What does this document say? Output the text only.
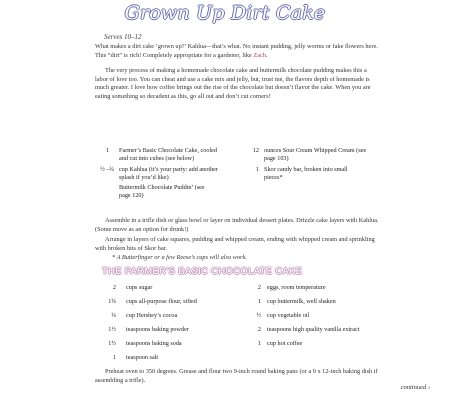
Grown Up Dirt Cake
Serves 10–12
What makes a dirt cake ‘grown up?’ Kahlua—that’s what. No instant pudding, jelly worms or fake flowers here. This “dirt” is rich! Completely appropriate for a gardener, like Zach.
The very process of making a homemade chocolate cake and buttermilk chocolate pudding makes this a labor of love too. You can cheat and use a cake mix and jelly, but, trust me, the flavors depth of homemade is much greater. I love how coffee brings out the rise of the chocolate but doesn’t flavor the cake. When you are eating something so decadent as this, go all out and don’t cut corners!
1 Farmer’s Basic Chocolate Cake, cooled and cut into cubes (see below)
½ –¾ cup Kahlua (it’s your party: add another splash if you’d like)
Buttermilk Chocolate Puddin’ (see page 120)
12 ounces Sour Cream Whipped Cream (see page 103)
1 Skor candy bar, broken into small pieces*
Assemble in a trifle dish or glass bowl or layer on individual dessert plates. Drizzle cake layers with Kahlua. (Some move as an option for drunk!)
Arrange in layers of cake squares, pudding and whipped cream, ending with whipped cream and sprinkling with broken bits of Skor bar.
* A Butterfinger or a few Reese’s cups will also work.
THE FARMER’S BASIC CHOCOLATE CAKE
2 cups sugar
1¾ cups all-purpose flour, sifted
¾ cup Hershey’s cocoa
1½ teaspoons baking powder
1½ teaspoons baking soda
1 teaspoon salt
2 eggs, room temperature
1 cup buttermilk, well shaken
½ cup vegetable oil
2 teaspoons high quality vanilla extract
1 cup hot coffee
Preheat oven to 350 degrees. Grease and flour two 9-inch round baking pans (or a 9 x 12-inch baking dish if assembling a trifle).
continued ›
